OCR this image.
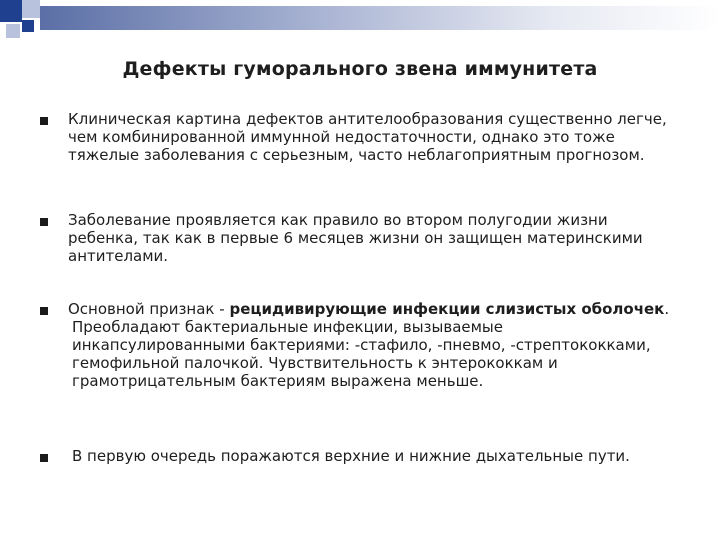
Дефекты гуморального звена иммунитета

Клиническая картина дефектов антителообразования существенно легче, чем комбинированной иммунной недостаточности, однако это тоже тяжелые заболевания с серьезным, часто неблагоприятным прогнозом.

Заболевание проявляется как правило во втором полугодии жизни ребенка, так как в первые 6 месяцев жизни он защищен материнскими антителами.

Основной признак - рецидивирующие инфекции слизистых оболочек.

Преобладают бактериальные инфекции, вызываемые инкапсулированными бактериями: -стафило, -пневмо, -стрептококками, гемофильной палочкой. Чувствительность к энтерококкам и грамотрицательным бактериям выражена меньше.

В первую очередь поражаются верхние и нижние дыхательные пути.
